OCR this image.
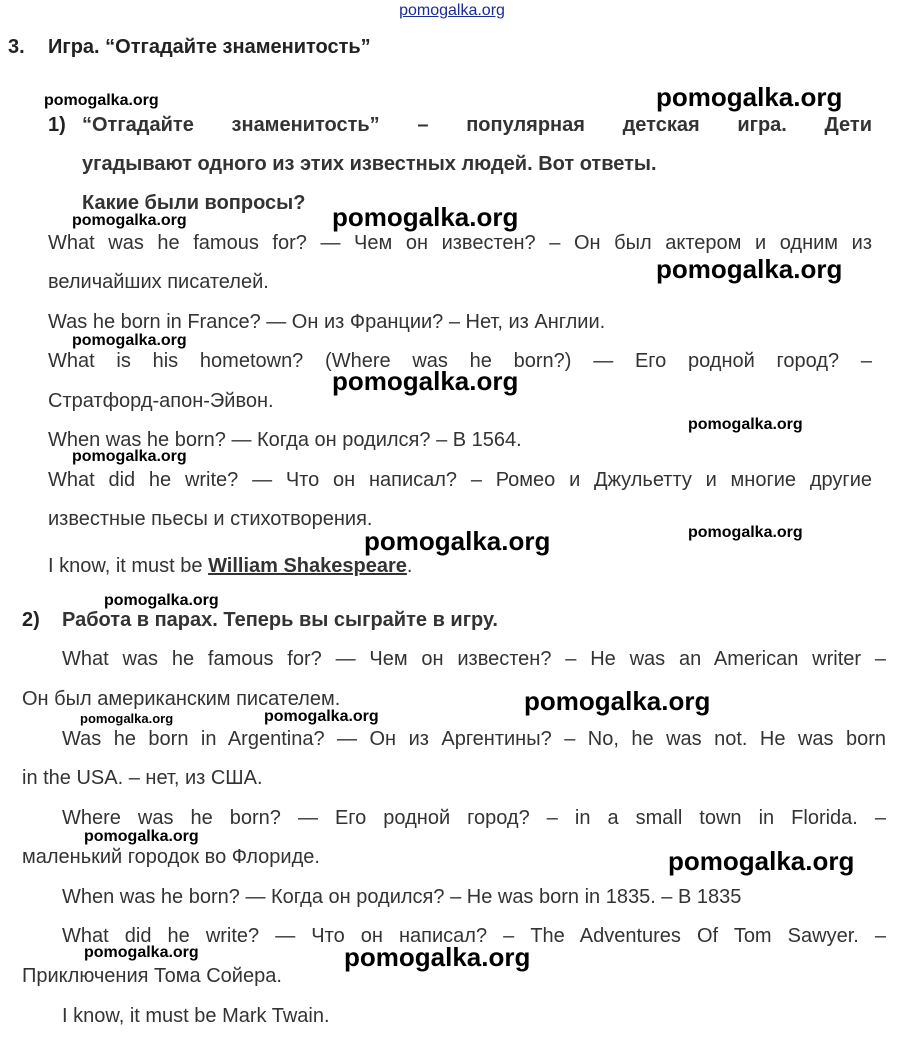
pomogalka.org
3. Игра. “Отгадайте знаменитость”
1) “Отгадайте знаменитость” – популярная детская игра. Дети
угадывают одного из этих известных людей. Вот ответы.
Какие были вопросы?
What was he famous for? — Чем он известен? – Он был актером и одним из
величайших писателей.
Was he born in France? — Он из Франции? – Нет, из Англии.
What is his hometown? (Where was he born?) — Его родной город? –
Стратфорд-апон-Эйвон.
When was he born? — Когда он родился? – В 1564.
What did he write? — Что он написал? – Ромео и Джульетту и многие другие
известные пьесы и стихотворения.
I know, it must be William Shakespeare.
2) Работа в парах. Теперь вы сыграйте в игру.
What was he famous for? — Чем он известен? – He was an American writer –
Он был американским писателем.
Was he born in Argentina? — Он из Аргентины? – No, he was not. He was born
in the USA. – нет, из США.
Where was he born? — Его родной город? – in a small town in Florida. –
маленький городок во Флориде.
When was he born? — Когда он родился? – He was born in 1835. – В 1835
What did he write? — Что он написал? – The Adventures Of Tom Sawyer. –
Приключения Тома Сойера.
I know, it must be Mark Twain.
pomogalka.org	pomogalka.org
pomogalka.org	pomogalka.org
pomogalka.org
pomogalka.org
pomogalka.org
pomogalka.org
pomogalka.org
pomogalka.org
pomogalka.org
pomogalka.org
pomogalka.org
pomogalka.org	pomogalka.org
pomogalka.org
pomogalka.org
pomogalka.org	pomogalka.org
